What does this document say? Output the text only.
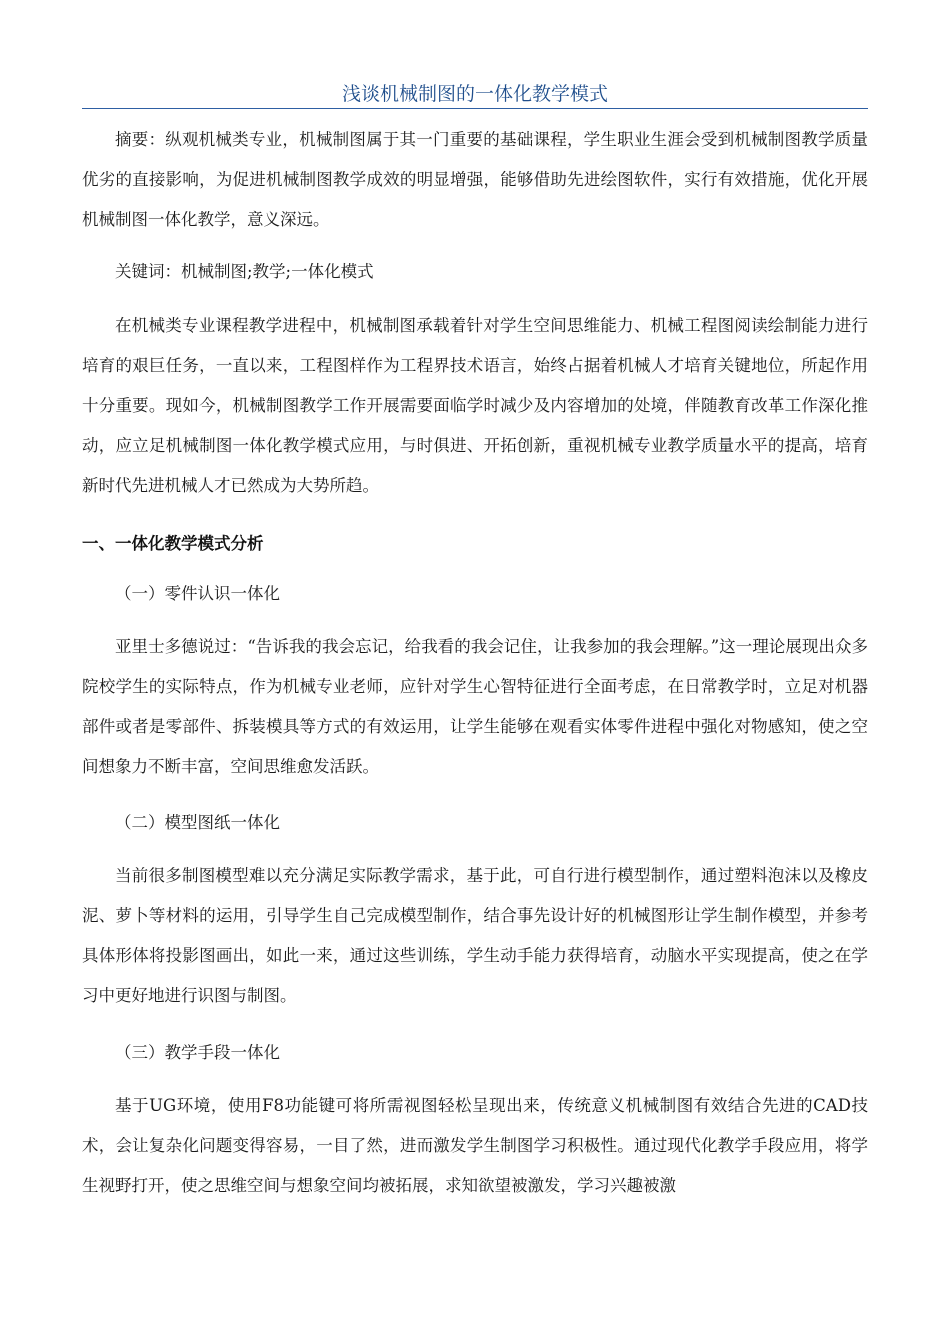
浅谈机械制图的一体化教学模式

摘要：纵观机械类专业，机械制图属于其一门重要的基础课程，学生职业生涯会受到机械制图教学质量优劣的直接影响，为促进机械制图教学成效的明显增强，能够借助先进绘图软件，实行有效措施，优化开展机械制图一体化教学，意义深远。

关键词：机械制图;教学;一体化模式

在机械类专业课程教学进程中，机械制图承载着针对学生空间思维能力、机械工程图阅读绘制能力进行培育的艰巨任务，一直以来，工程图样作为工程界技术语言，始终占据着机械人才培育关键地位，所起作用十分重要。现如今，机械制图教学工作开展需要面临学时减少及内容增加的处境，伴随教育改革工作深化推动，应立足机械制图一体化教学模式应用，与时俱进、开拓创新，重视机械专业教学质量水平的提高，培育新时代先进机械人才已然成为大势所趋。

一、一体化教学模式分析

（一）零件认识一体化

亚里士多德说过：“告诉我的我会忘记，给我看的我会记住，让我参加的我会理解。”这一理论展现出众多院校学生的实际特点，作为机械专业老师，应针对学生心智特征进行全面考虑，在日常教学时，立足对机器部件或者是零部件、拆装模具等方式的有效运用，让学生能够在观看实体零件进程中强化对物感知，使之空间想象力不断丰富，空间思维愈发活跃。

（二）模型图纸一体化

当前很多制图模型难以充分满足实际教学需求，基于此，可自行进行模型制作，通过塑料泡沫以及橡皮泥、萝卜等材料的运用，引导学生自己完成模型制作，结合事先设计好的机械图形让学生制作模型，并参考具体形体将投影图画出，如此一来，通过这些训练，学生动手能力获得培育，动脑水平实现提高，使之在学习中更好地进行识图与制图。

（三）教学手段一体化

基于UG环境，使用F8功能键可将所需视图轻松呈现出来，传统意义机械制图有效结合先进的CAD技术，会让复杂化问题变得容易，一目了然，进而激发学生制图学习积极性。通过现代化教学手段应用，将学生视野打开，使之思维空间与想象空间均被拓展，求知欲望被激发，学习兴趣被激
